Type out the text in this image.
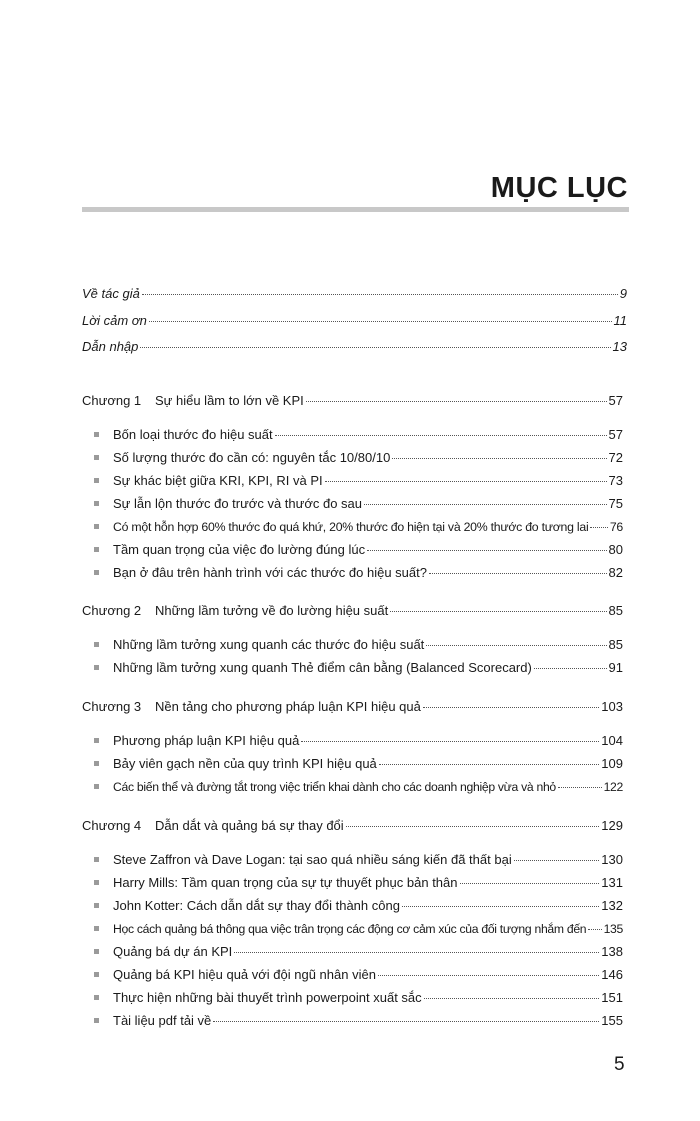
MỤC LỤC
Về tác giả	9
Lời cảm ơn	11
Dẫn nhập	13
Chương 1 Sự hiểu lầm to lớn về KPI	57
Bốn loại thước đo hiệu suất	57
Số lượng thước đo cần có: nguyên tắc 10/80/10	72
Sự khác biệt giữa KRI, KPI, RI và PI	73
Sự lẫn lộn thước đo trước và thước đo sau	75
Có một hỗn hợp 60% thước đo quá khứ, 20% thước đo hiện tại và 20% thước đo tương lai 76
Tầm quan trọng của việc đo lường đúng lúc	80
Bạn ở đâu trên hành trình với các thước đo hiệu suất?	82
Chương 2 Những lầm tưởng về đo lường hiệu suất	85
Những lầm tưởng xung quanh các thước đo hiệu suất	85
Những lầm tưởng xung quanh Thẻ điểm cân bằng (Balanced Scorecard)	91
Chương 3 Nền tảng cho phương pháp luận KPI hiệu quả	103
Phương pháp luận KPI hiệu quả	104
Bảy viên gạch nền của quy trình KPI hiệu quả	109
Các biến thể và đường tắt trong việc triển khai dành cho các doanh nghiệp vừa và nhỏ	122
Chương 4 Dẫn dắt và quảng bá sự thay đổi	129
Steve Zaffron và Dave Logan: tại sao quá nhiều sáng kiến đã thất bại	130
Harry Mills: Tầm quan trọng của sự tự thuyết phục bản thân	131
John Kotter: Cách dẫn dắt sự thay đổi thành công	132
Học cách quảng bá thông qua việc trân trọng các động cơ cảm xúc của đối tượng nhắm đến 135
Quảng bá dự án KPI	138
Quảng bá KPI hiệu quả với đội ngũ nhân viên	146
Thực hiện những bài thuyết trình powerpoint xuất sắc	151
Tài liệu pdf tải về	155
5
